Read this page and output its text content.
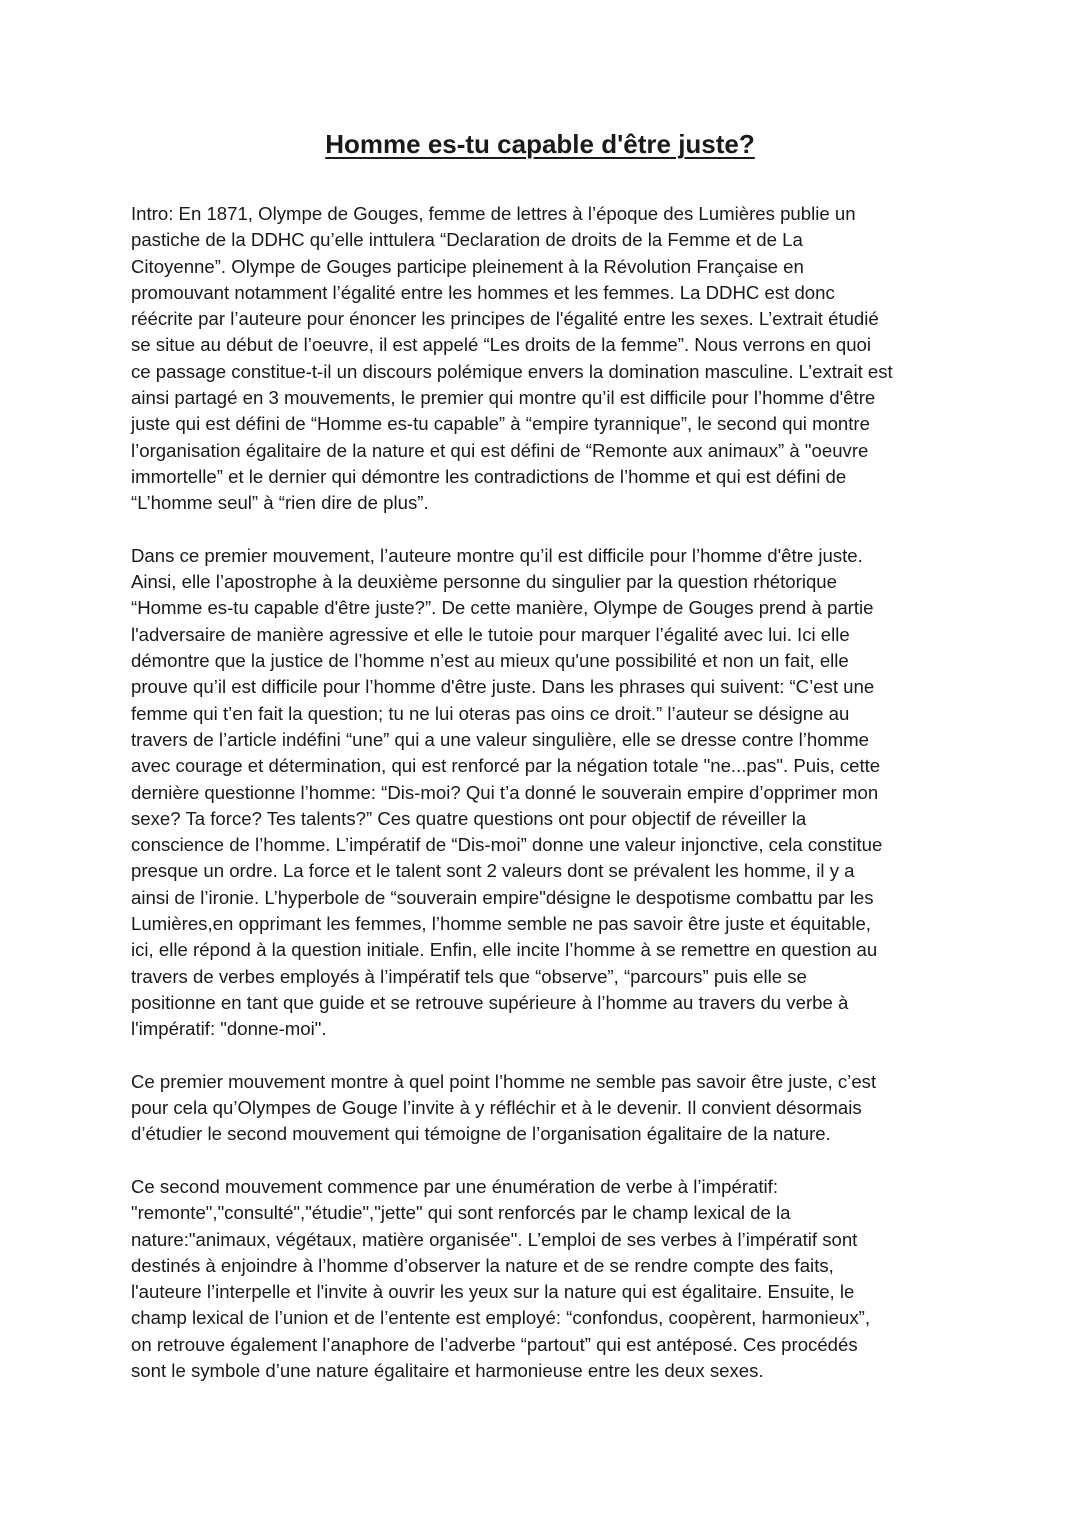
Homme es-tu capable d'être juste?

Intro: En 1871, Olympe de Gouges, femme de lettres à l’époque des Lumières publie un
pastiche de la DDHC qu’elle inttulera “Declaration de droits de la Femme et de La
Citoyenne”. Olympe de Gouges participe pleinement à la Révolution Française en
promouvant notamment l’égalité entre les hommes et les femmes. La DDHC est donc
réécrite par l’auteure pour énoncer les principes de l'égalité entre les sexes. L’extrait étudié
se situe au début de l’oeuvre, il est appelé “Les droits de la femme”. Nous verrons en quoi
ce passage constitue-t-il un discours polémique envers la domination masculine. L’extrait est
ainsi partagé en 3 mouvements, le premier qui montre qu’il est difficile pour l’homme d'être
juste qui est défini de “Homme es-tu capable” à “empire tyrannique”, le second qui montre
l’organisation égalitaire de la nature et qui est défini de “Remonte aux animaux” à "oeuvre
immortelle” et le dernier qui démontre les contradictions de l’homme et qui est défini de
“L’homme seul” à “rien dire de plus”.

Dans ce premier mouvement, l’auteure montre qu’il est difficile pour l’homme d'être juste.
Ainsi, elle l’apostrophe à la deuxième personne du singulier par la question rhétorique
“Homme es-tu capable d'être juste?”. De cette manière, Olympe de Gouges prend à partie
l'adversaire de manière agressive et elle le tutoie pour marquer l’égalité avec lui. Ici elle
démontre que la justice de l’homme n’est au mieux qu'une possibilité et non un fait, elle
prouve qu’il est difficile pour l’homme d'être juste. Dans les phrases qui suivent: “C’est une
femme qui t’en fait la question; tu ne lui oteras pas oins ce droit.” l’auteur se désigne au
travers de l’article indéfini “une” qui a une valeur singulière, elle se dresse contre l’homme
avec courage et détermination, qui est renforcé par la négation totale "ne...pas". Puis, cette
dernière questionne l’homme: “Dis-moi? Qui t’a donné le souverain empire d’opprimer mon
sexe? Ta force? Tes talents?” Ces quatre questions ont pour objectif de réveiller la
conscience de l’homme. L’impératif de “Dis-moi” donne une valeur injonctive, cela constitue
presque un ordre. La force et le talent sont 2 valeurs dont se prévalent les homme, il y a
ainsi de l’ironie. L’hyperbole de “souverain empire"désigne le despotisme combattu par les
Lumières,en opprimant les femmes, l’homme semble ne pas savoir être juste et équitable,
ici, elle répond à la question initiale. Enfin, elle incite l’homme à se remettre en question au
travers de verbes employés à l’impératif tels que “observe”, “parcours” puis elle se
positionne en tant que guide et se retrouve supérieure à l’homme au travers du verbe à
l'impératif: "donne-moi".

Ce premier mouvement montre à quel point l’homme ne semble pas savoir être juste, c’est
pour cela qu’Olympes de Gouge l’invite à y réfléchir et à le devenir. Il convient désormais
d’étudier le second mouvement qui témoigne de l’organisation égalitaire de la nature.

Ce second mouvement commence par une énumération de verbe à l’impératif:
"remonte","consulté","étudie","jette" qui sont renforcés par le champ lexical de la
nature:"animaux, végétaux, matière organisée". L’emploi de ses verbes à l’impératif sont
destinés à enjoindre à l’homme d’observer la nature et de se rendre compte des faits,
l'auteure l’interpelle et l'invite à ouvrir les yeux sur la nature qui est égalitaire. Ensuite, le
champ lexical de l’union et de l’entente est employé: “confondus, coopèrent, harmonieux”,
on retrouve également l’anaphore de l’adverbe “partout” qui est antéposé. Ces procédés
sont le symbole d’une nature égalitaire et harmonieuse entre les deux sexes.
